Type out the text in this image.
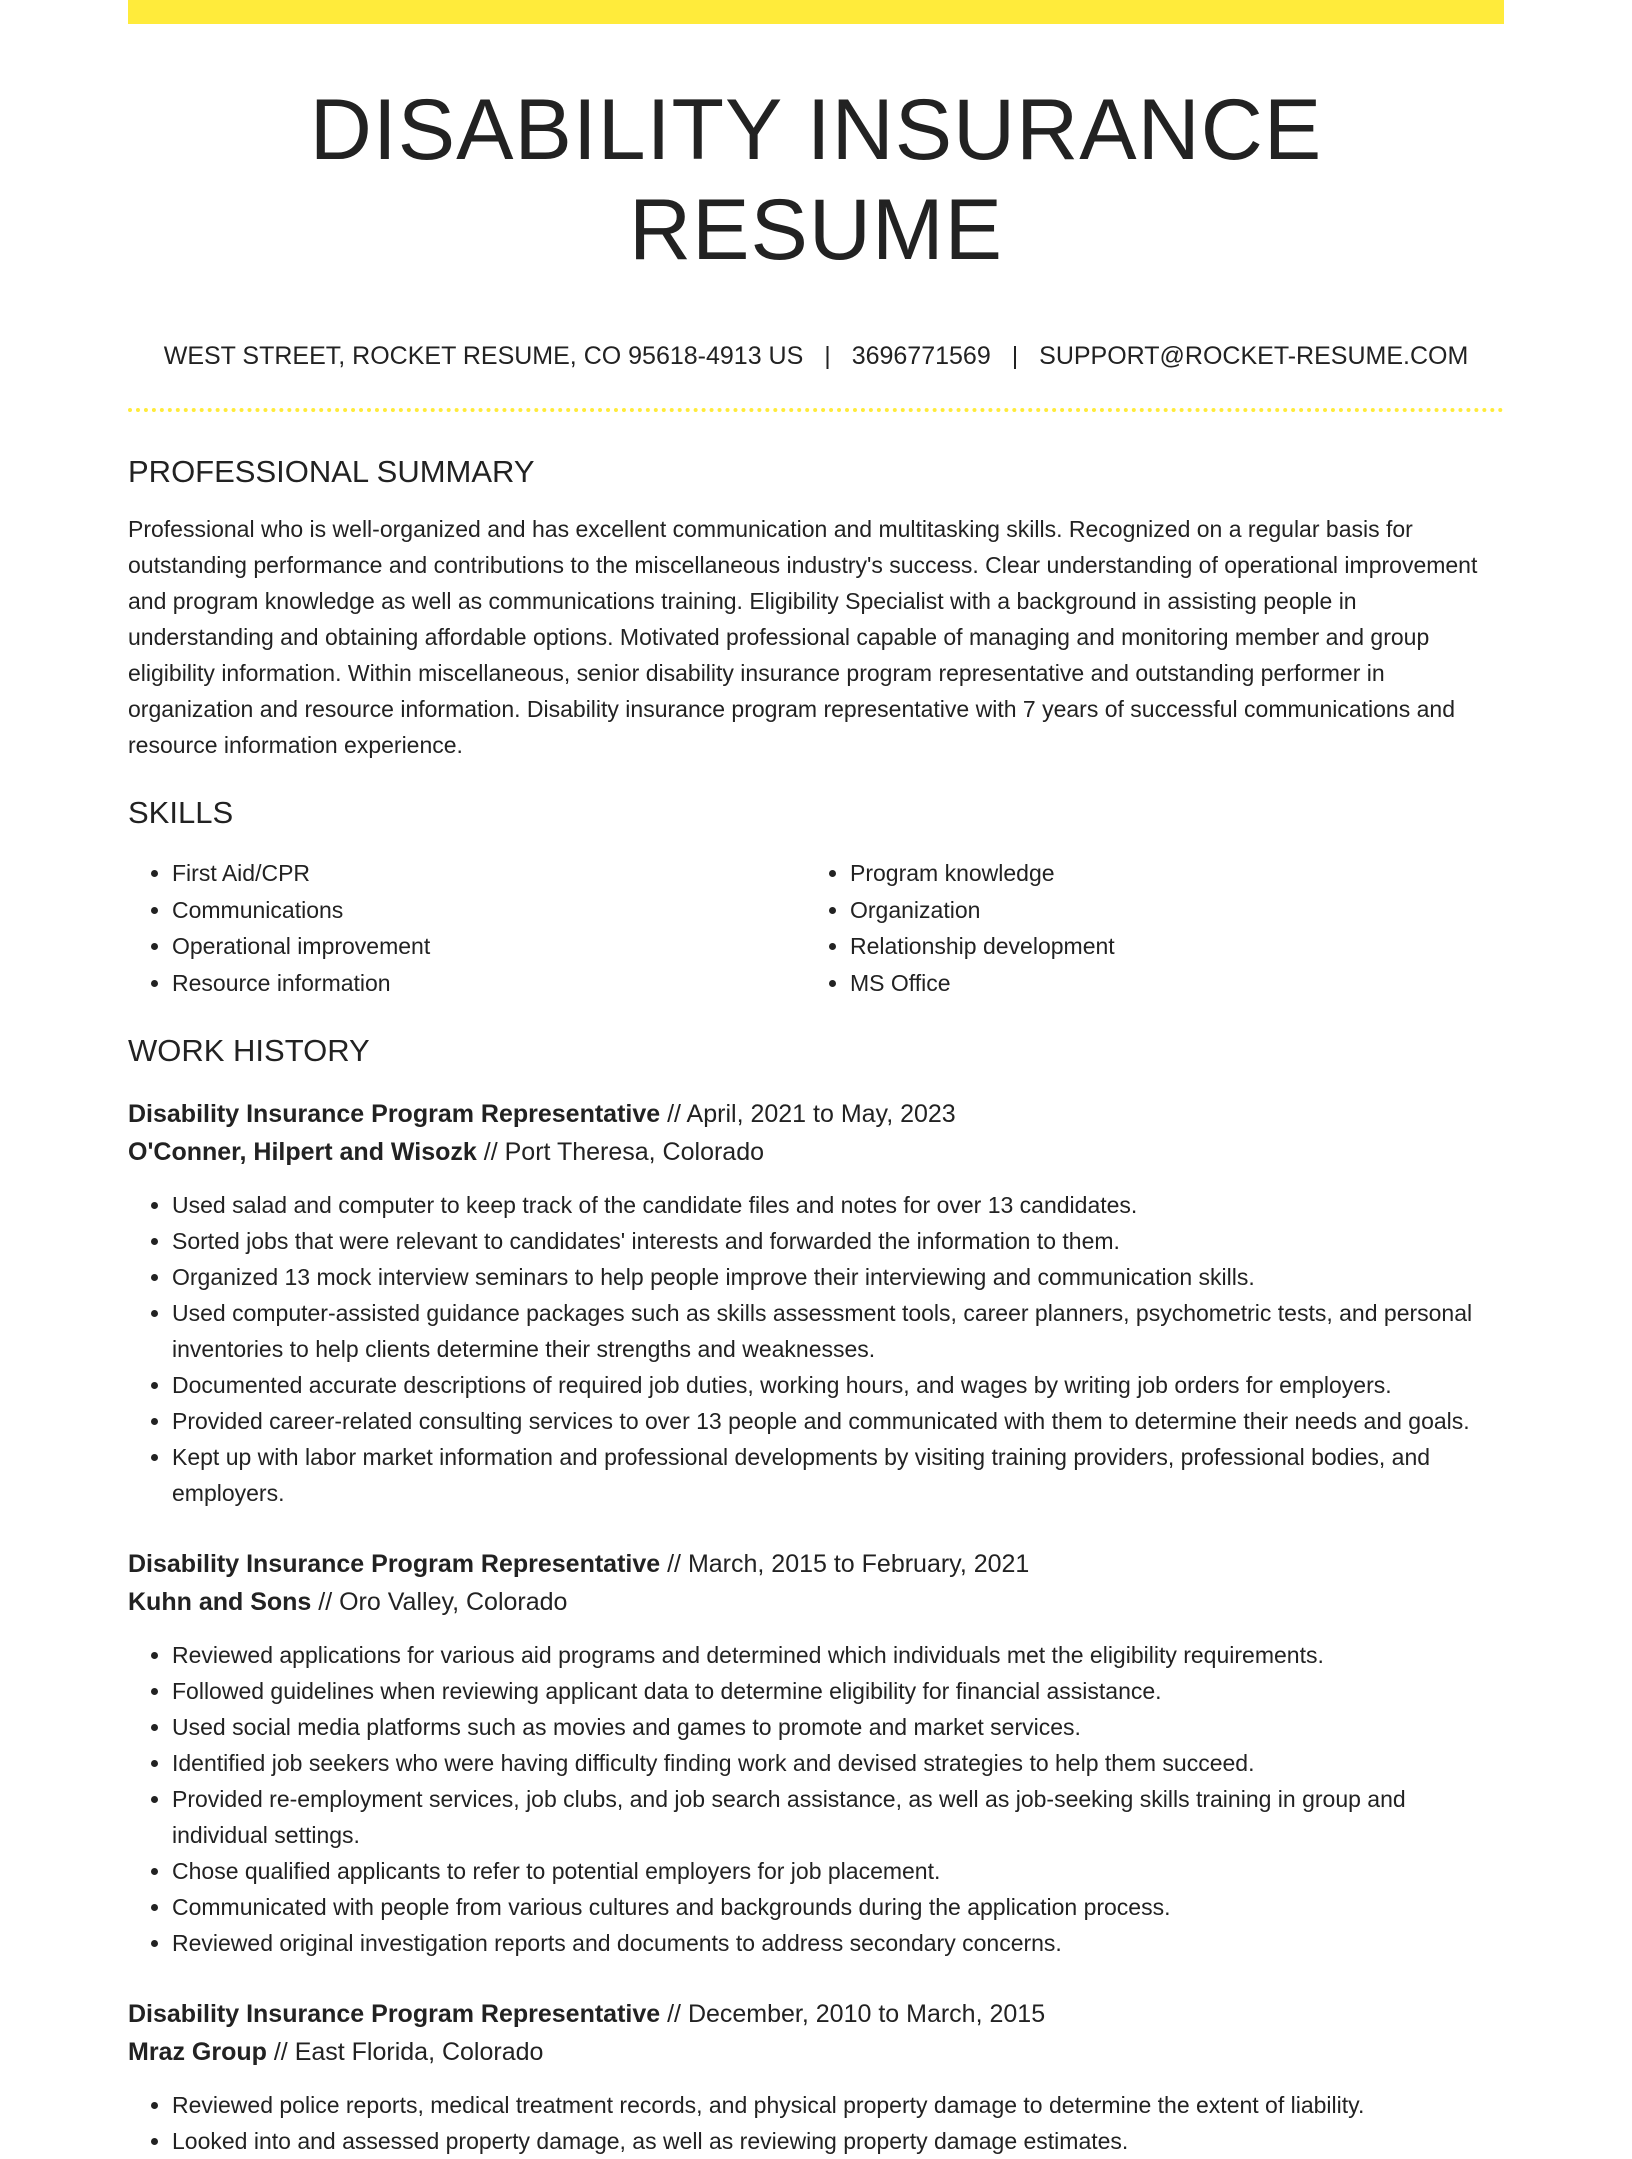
DISABILITY INSURANCE RESUME
WEST STREET, ROCKET RESUME, CO 95618-4913 US | 3696771569 | SUPPORT@ROCKET-RESUME.COM
PROFESSIONAL SUMMARY
Professional who is well-organized and has excellent communication and multitasking skills. Recognized on a regular basis for outstanding performance and contributions to the miscellaneous industry's success. Clear understanding of operational improvement and program knowledge as well as communications training. Eligibility Specialist with a background in assisting people in understanding and obtaining affordable options. Motivated professional capable of managing and monitoring member and group eligibility information. Within miscellaneous, senior disability insurance program representative and outstanding performer in organization and resource information. Disability insurance program representative with 7 years of successful communications and resource information experience.
SKILLS
• First Aid/CPR
• Communications
• Operational improvement
• Resource information
• Program knowledge
• Organization
• Relationship development
• MS Office
WORK HISTORY
Disability Insurance Program Representative // April, 2021 to May, 2023
O'Conner, Hilpert and Wisozk // Port Theresa, Colorado
• Used salad and computer to keep track of the candidate files and notes for over 13 candidates.
• Sorted jobs that were relevant to candidates' interests and forwarded the information to them.
• Organized 13 mock interview seminars to help people improve their interviewing and communication skills.
• Used computer-assisted guidance packages such as skills assessment tools, career planners, psychometric tests, and personal inventories to help clients determine their strengths and weaknesses.
• Documented accurate descriptions of required job duties, working hours, and wages by writing job orders for employers.
• Provided career-related consulting services to over 13 people and communicated with them to determine their needs and goals.
• Kept up with labor market information and professional developments by visiting training providers, professional bodies, and employers.
Disability Insurance Program Representative // March, 2015 to February, 2021
Kuhn and Sons // Oro Valley, Colorado
• Reviewed applications for various aid programs and determined which individuals met the eligibility requirements.
• Followed guidelines when reviewing applicant data to determine eligibility for financial assistance.
• Used social media platforms such as movies and games to promote and market services.
• Identified job seekers who were having difficulty finding work and devised strategies to help them succeed.
• Provided re-employment services, job clubs, and job search assistance, as well as job-seeking skills training in group and individual settings.
• Chose qualified applicants to refer to potential employers for job placement.
• Communicated with people from various cultures and backgrounds during the application process.
• Reviewed original investigation reports and documents to address secondary concerns.
Disability Insurance Program Representative // December, 2010 to March, 2015
Mraz Group // East Florida, Colorado
• Reviewed police reports, medical treatment records, and physical property damage to determine the extent of liability.
• Looked into and assessed property damage, as well as reviewing property damage estimates.
